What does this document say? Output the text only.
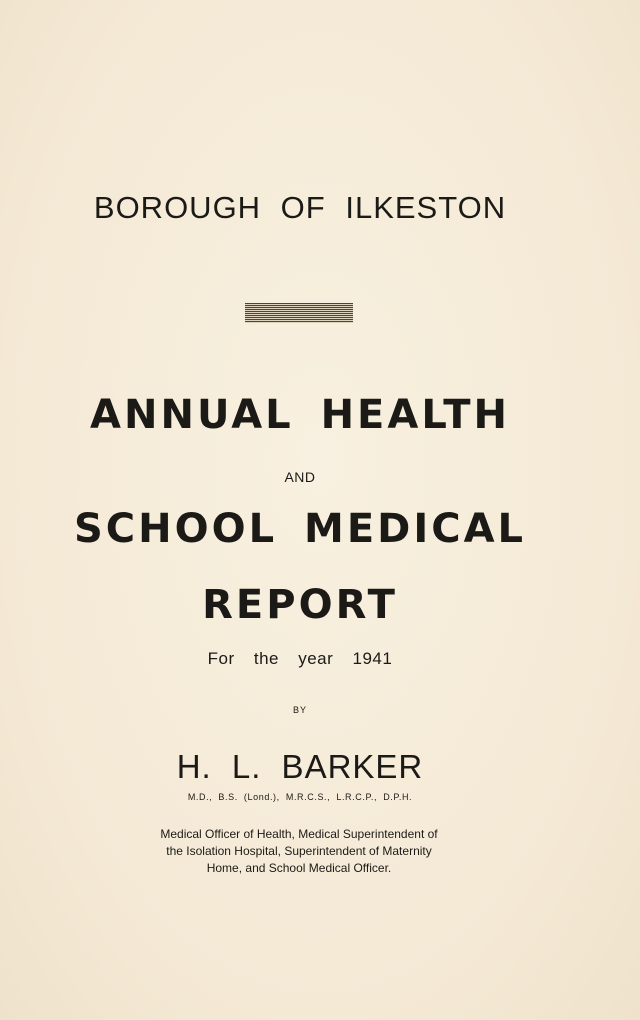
BOROUGH OF ILKESTON
ANNUAL HEALTH
AND
SCHOOL MEDICAL
REPORT
For the year 1941
BY
H. L. BARKER
M.D., B.S. (Lond.), M.R.C.S., L.R.C.P., D.P.H.
Medical Officer of Health, Medical Superintendent of
the Isolation Hospital, Superintendent of Maternity
Home, and School Medical Officer.
